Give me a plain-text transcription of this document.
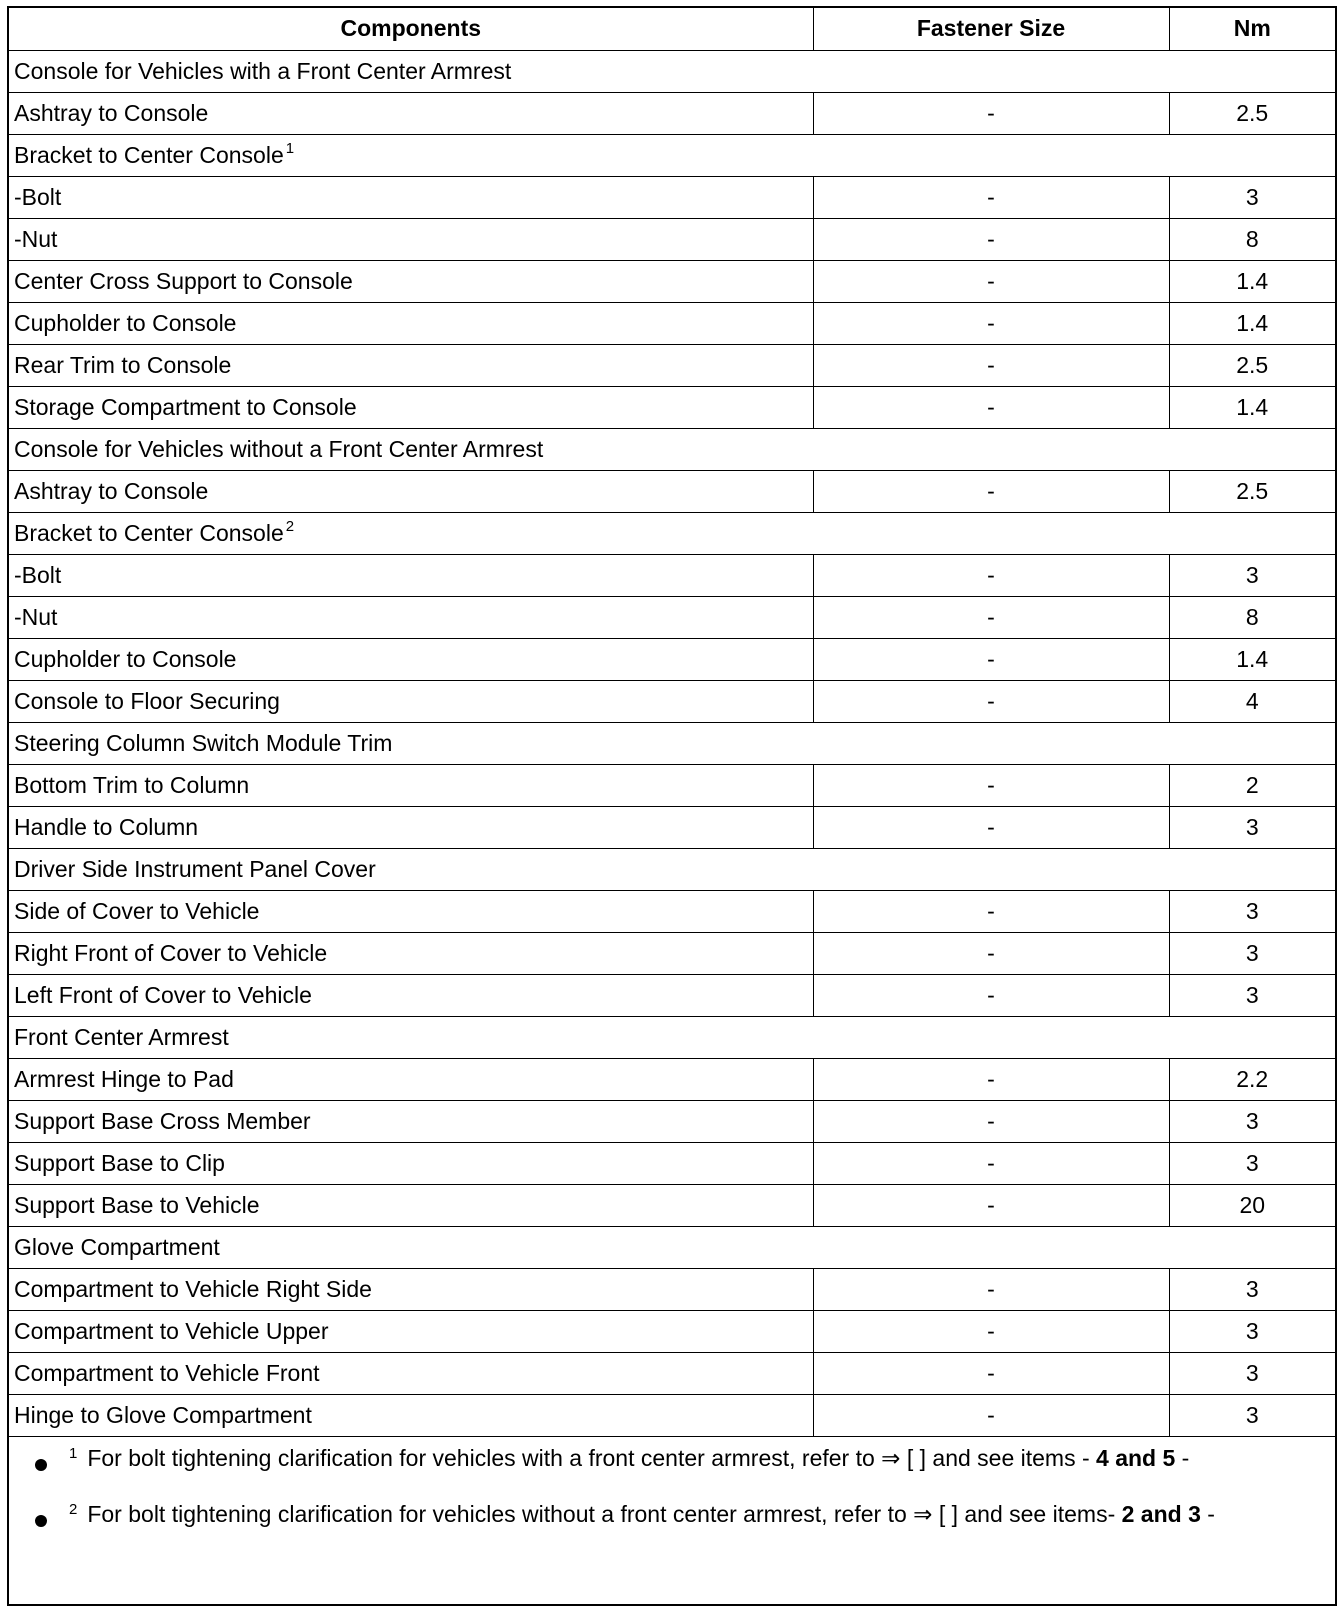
Components	Fastener Size	Nm
Console for Vehicles with a Front Center Armrest		
Ashtray to Console	-	2.5
Bracket to Center Console $^1$
-Bolt	-	3
-Nut	-	8
Center Cross Support to Console	-	1.4
Cupholder to Console	-	1.4
Rear Trim to Console	-	2.5
Storage Compartment to Console	-	1.4
Console for Vehicles without a Front Center Armrest		
Ashtray to Console	-	2.5
Bracket to Center Console $^2$
-Bolt	-	3
-Nut	-	8
Cupholder to Console	-	1.4
Console to Floor Securing	-	4
Steering Column Switch Module Trim		
Bottom Trim to Column	-	2
Handle to Column	-	3
Driver Side Instrument Panel Cover		
Side of Cover to Vehicle	-	3
Right Front of Cover to Vehicle	-	3
Left Front of Cover to Vehicle	-	3
Front Center Armrest		
Armrest Hinge to Pad	-	2.2
Support Base Cross Member	-	3
Support Base to Clip	-	3
Support Base to Vehicle	-	20
Glove Compartment		
Compartment to Vehicle Right Side	-	3
Compartment to Vehicle Upper	-	3
Compartment to Vehicle Front	-	3
Hinge to Glove Compartment	-	3
$^1$ For bolt tightening clarification for vehicles with a front center armrest, refer to ⇒ [ ] and see items - 4 and 5 -
$^2$ For bolt tightening clarification for vehicles without a front center armrest, refer to ⇒ [ ] and see items- 2 and 3 -
